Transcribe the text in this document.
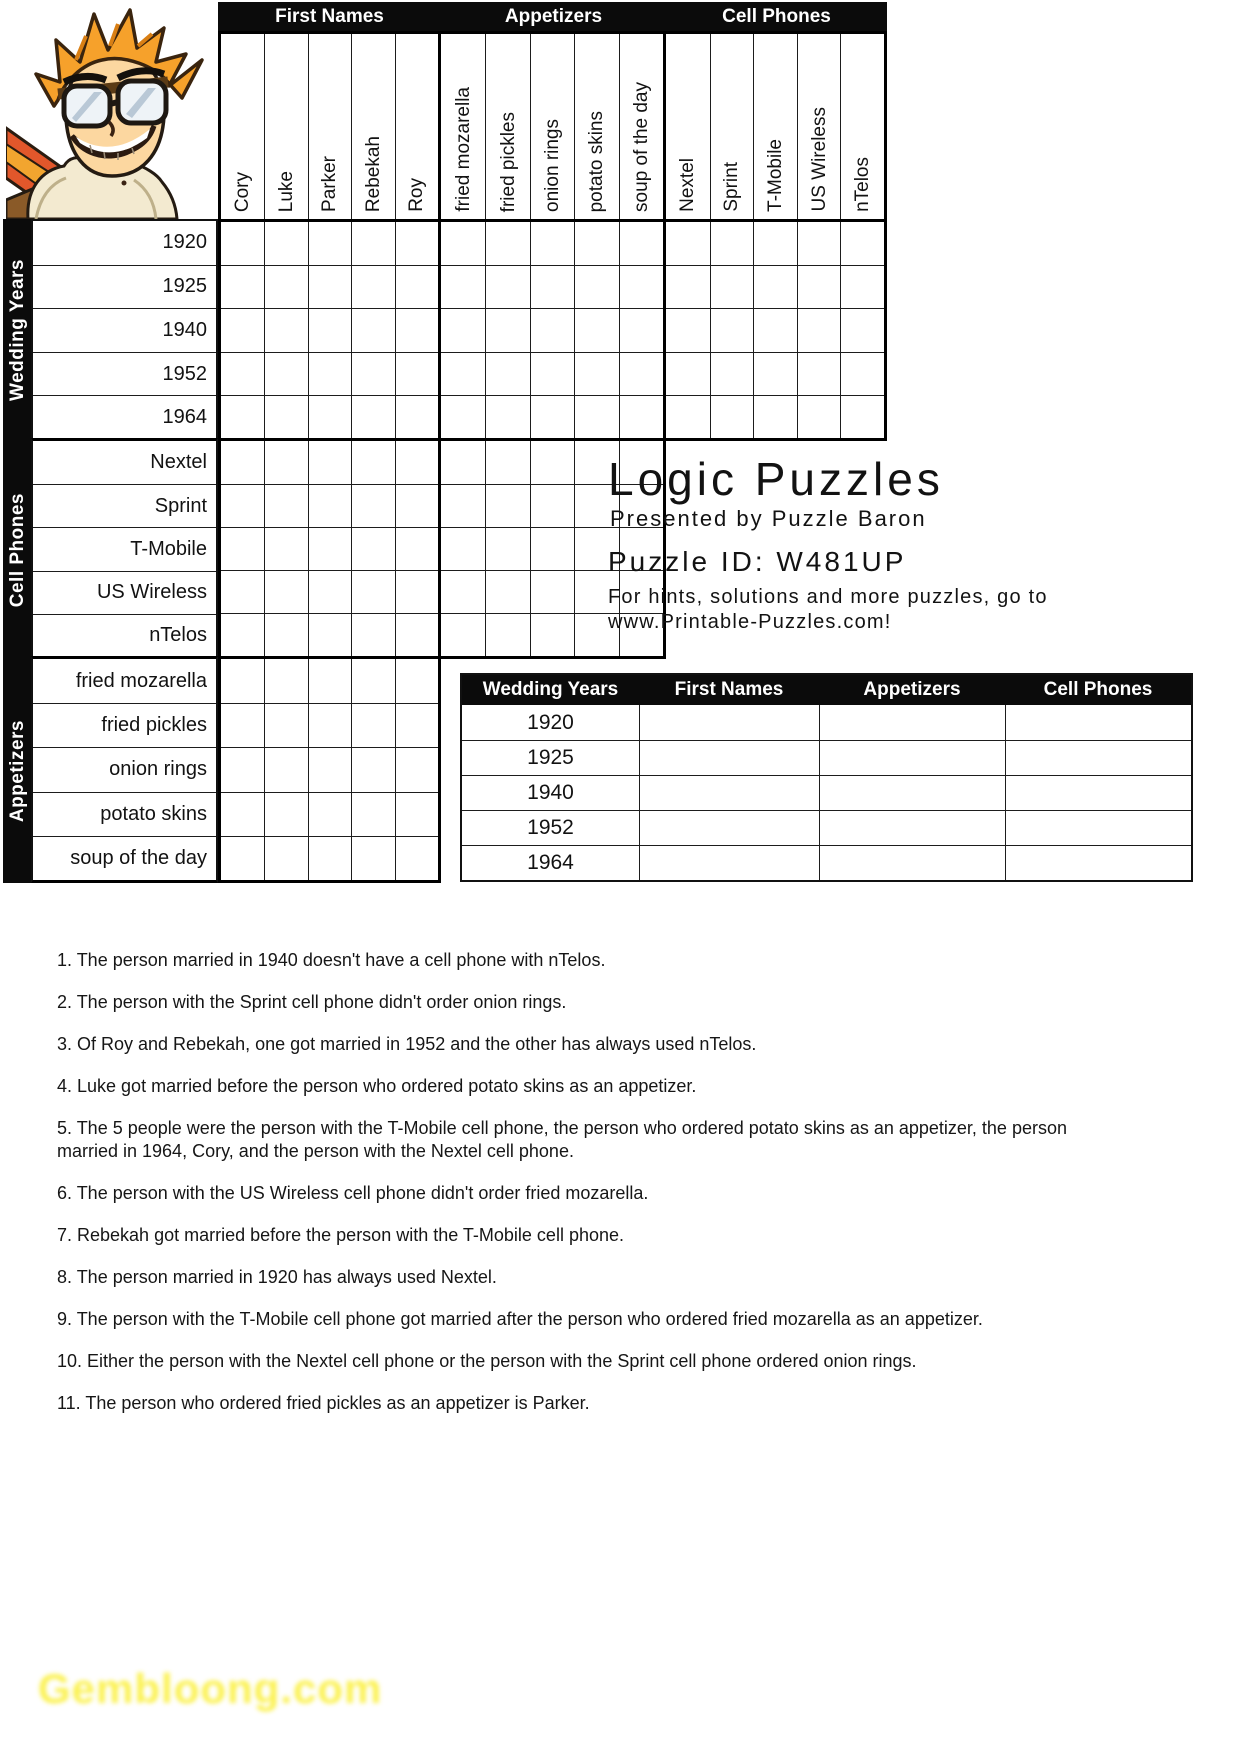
First Names	Appetizers	Cell Phones
Cory Luke Parker Rebekah Roy fried mozarella fried pickles onion rings potato skins soup of the day Nextel Sprint T-Mobile US Wireless nTelos
1920
1925
1940
1952
1964
Nextel
Sprint
T-Mobile
US Wireless
nTelos
fried mozarella
fried pickles
onion rings
potato skins
soup of the day
Wedding Years
Cell Phones
Appetizers
Logic Puzzles
Presented by Puzzle Baron
Puzzle ID: W481UP
For hints, solutions and more puzzles, go to
www.Printable-Puzzles.com!
Wedding Years	First Names	Appetizers	Cell Phones
1920
1925
1940
1952
1964

1. The person married in 1940 doesn't have a cell phone with nTelos.

2. The person with the Sprint cell phone didn't order onion rings.

3. Of Roy and Rebekah, one got married in 1952 and the other has always used nTelos.

4. Luke got married before the person who ordered potato skins as an appetizer.

5. The 5 people were the person with the T-Mobile cell phone, the person who ordered potato skins as an appetizer, the person married in 1964, Cory, and the person with the Nextel cell phone.

6. The person with the US Wireless cell phone didn't order fried mozarella.

7. Rebekah got married before the person with the T-Mobile cell phone.

8. The person married in 1920 has always used Nextel.

9. The person with the T-Mobile cell phone got married after the person who ordered fried mozarella as an appetizer.

10. Either the person with the Nextel cell phone or the person with the Sprint cell phone ordered onion rings.

11. The person who ordered fried pickles as an appetizer is Parker.

Gembloong.com
